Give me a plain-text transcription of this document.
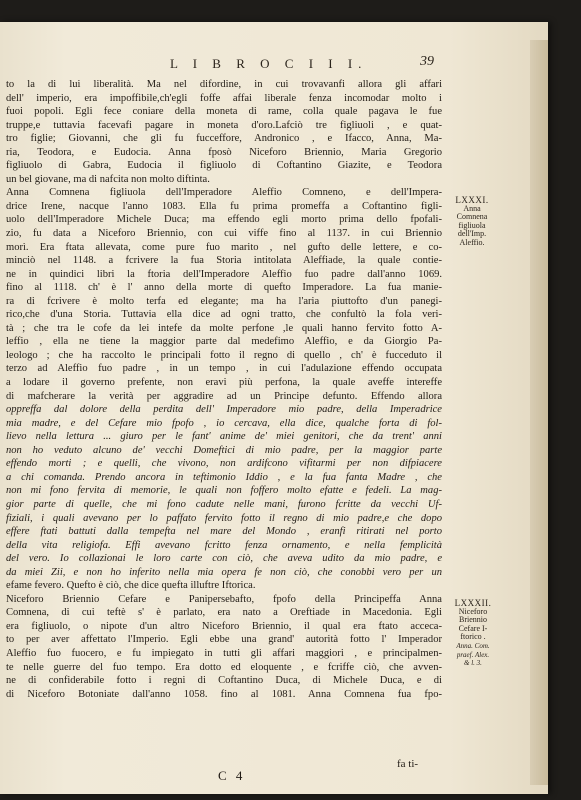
L I B R O C I I I.	39
to la di lui liberalità. Ma nel difordine, in cui trovavanfi allora gli affari
dell' imperio, era impoffibile,ch'egli foffe affai liberale fenza incomodar molto i
fuoi popoli. Egli fece coniare della moneta di rame, colla quale pagava le fue
truppe,e tuttavia facevafi pagare in moneta d'oro.Lafciò tre figliuoli , e quat-
tro figlie; Giovanni, che gli fu fucceffore, Andronico , e Ifacco, Anna, Ma-
ria, Teodora, e Eudocia. Anna fposò Niceforo Briennio, Maria Gregorio
figliuolo di Gabra, Eudocia il figliuolo di Coftantino Giazite, e Teodora
un bel giovane, ma di nafcita non molto diftinta.
Anna Comnena figliuola dell'Imperadore Aleffio Comneno, e dell'Impera-
drice Irene, nacque l'anno 1083. Ella fu prima promeffa a Coftantino figli-
uolo dell'Imperadore Michele Duca; ma effendo egli morto prima dello fpofali-
zio, fu data a Niceforo Briennio, con cui viffe fino al 1137. in cui Briennio
morì. Era ftata allevata, come pure fuo marito , nel gufto delle lettere, e co-
minciò nel 1148. a fcrivere la fua Storia intitolata Aleffiade, la quale contie-
ne in quindici libri la ftoria dell'Imperadore Aleffio fuo padre dall'anno 1069.
fino al 1118. ch' è l' anno della morte di quefto Imperadore. La fua manie-
ra di fcrivere è molto terfa ed elegante; ma ha l'aria piuttofto d'un panegi-
rico,che d'una Storia. Tuttavia ella dice ad ogni tratto, che confultò la fola veri-
tà ; che tra le cofe da lei intefe da molte perfone ,le quali hanno fervito fotto A-
leffio , ella ne tiene la maggior parte dal medefimo Aleffio, e da Giorgio Pa-
leologo ; che ha raccolto le principali fotto il regno di quello , ch' è fucceduto il
terzo ad Aleffio fuo padre , in un tempo , in cui l'adulazione effendo occupata
a lodare il governo prefente, non eravi più perfona, la quale aveffe intereffe
di mafcherare la verità per aggradire ad un Principe defunto. Effendo allora
oppreffa dal dolore della perdita dell' Imperadore mio padre, della Imperadrice
mia madre, e del Cefare mio fpofo , io cercava, ella dice, qualche forta di fol-
lievo nella lettura ... giuro per le fant' anime de' miei genitori, che da trent' anni
non ho veduto alcuno de' vecchi Domeftici di mio padre, per la maggior parte
effendo morti ; e quelli, che vivono, non ardifcono vifitarmi per non difpiacere
a chi comanda. Prendo ancora in teftimonio Iddio , e la fua fanta Madre , che
non mi fono fervita di memorie, le quali non foffero molto efatte e fedeli. La mag-
gior parte di quelle, che mi fono cadute nelle mani, furono fcritte da vecchi Uf-
fiziali, i quali avevano per lo paffato fervito fotto il regno di mio padre,e che dopo
effere ftati battuti dalla tempefta nel mare del Mondo , eranfi ritirati nel porto
della vita religiofa. Effi avevano fcritto fenza ornamento, e nella femplicità
del vero. Io collazionai le loro carte con ciò, che aveva udito da mio padre, e
da miei Zii, e non ho inferito nella mia opera fe non ciò, che conobbi vero per un
efame fevero. Quefto è ciò, che dice quefta illuftre Iftorica.
Niceforo Briennio Cefare e Panipersebafto, fpofo della Principeffa Anna
Comnena, di cui teftè s' è parlato, era nato a Oreftiade in Macedonia. Egli
era figliuolo, o nipote d'un altro Niceforo Briennio, il qual era ftato acceca-
to per aver affettato l'Imperio. Egli ebbe una grand' autorità fotto l' Imperador
Aleffio fuo fuocero, e fu impiegato in tutti gli affari maggiori , e principalmen-
te nelle guerre del fuo tempo. Era dotto ed eloquente , e fcriffe ciò, che avven-
ne di confiderabile fotto i regni di Coftantino Duca, di Michele Duca, e di
di Niceforo Botoniate dall'anno 1058. fino al 1081. Anna Comnena fua fpo-
LXXXI.
Anna
Comnena
figliuola
dell'Imp.
Aleffio.
LXXXII.
Niceforo
Briennio
Cefare I-
ftorico .
Anna. Com.
praef. Alex.
& l. 3.
C 4
fa ti-
